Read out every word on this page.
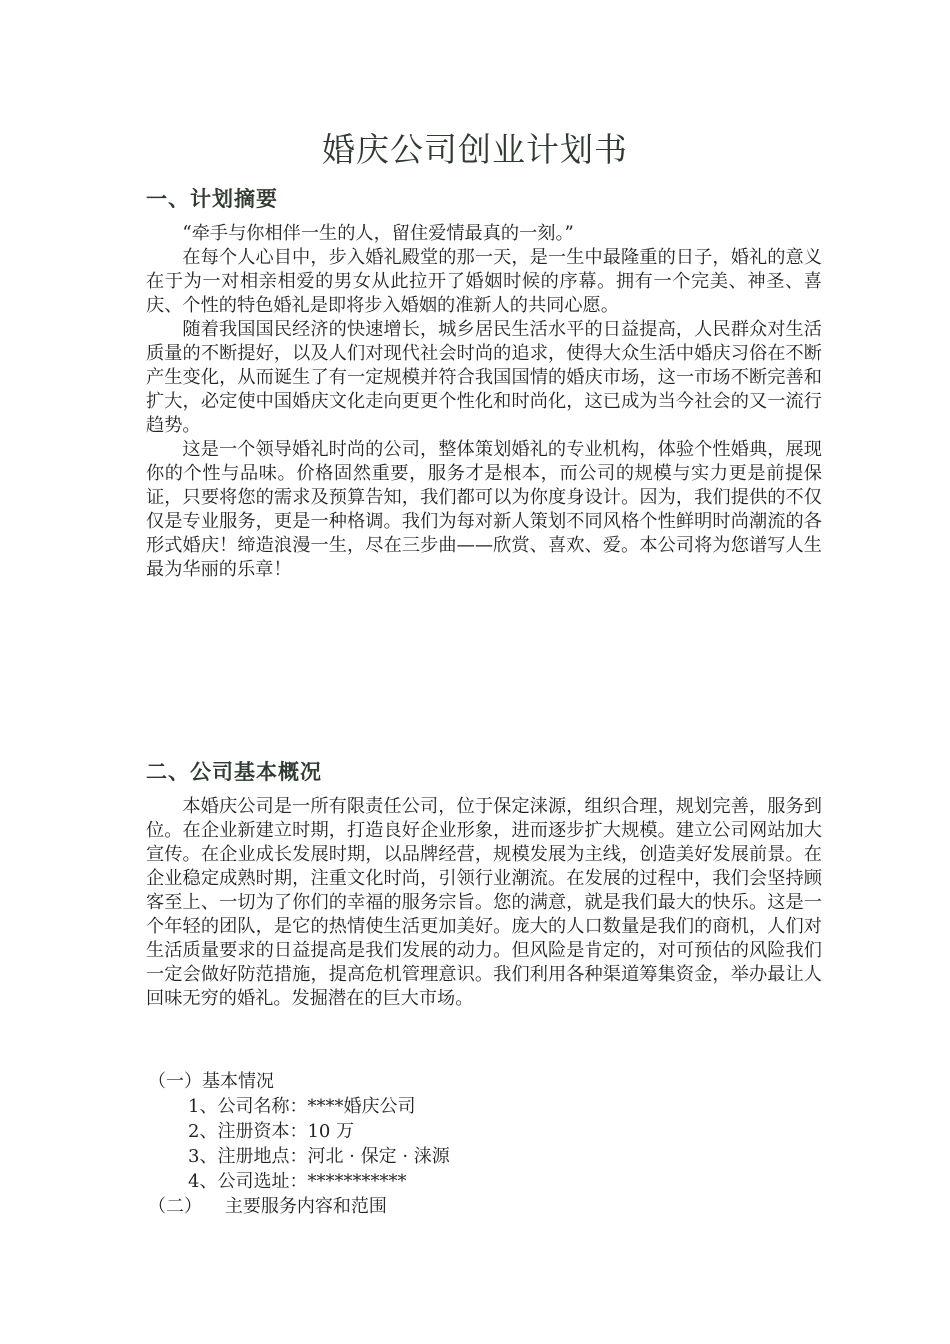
婚庆公司创业计划书
一、计划摘要

“牵手与你相伴一生的人，留住爱情最真的一刻。”

在每个人心目中，步入婚礼殿堂的那一天，是一生中最隆重的日子，婚礼的意义在于为一对相亲相爱的男女从此拉开了婚姻时候的序幕。拥有一个完美、神圣、喜庆、个性的特色婚礼是即将步入婚姻的准新人的共同心愿。

随着我国国民经济的快速增长，城乡居民生活水平的日益提高，人民群众对生活质量的不断提好，以及人们对现代社会时尚的追求，使得大众生活中婚庆习俗在不断产生变化，从而诞生了有一定规模并符合我国国情的婚庆市场，这一市场不断完善和扩大，必定使中国婚庆文化走向更更个性化和时尚化，这已成为当今社会的又一流行趋势。

这是一个领导婚礼时尚的公司，整体策划婚礼的专业机构，体验个性婚典，展现你的个性与品味。价格固然重要，服务才是根本，而公司的规模与实力更是前提保证，只要将您的需求及预算告知，我们都可以为你度身设计。因为，我们提供的不仅仅是专业服务，更是一种格调。我们为每对新人策划不同风格个性鲜明时尚潮流的各形式婚庆！缔造浪漫一生，尽在三步曲——欣赏、喜欢、爱。本公司将为您谱写人生最为华丽的乐章！

二、公司基本概况

本婚庆公司是一所有限责任公司，位于保定涞源，组织合理，规划完善，服务到位。在企业新建立时期，打造良好企业形象，进而逐步扩大规模。建立公司网站加大宣传。在企业成长发展时期，以品牌经营，规模发展为主线，创造美好发展前景。在企业稳定成熟时期，注重文化时尚，引领行业潮流。在发展的过程中，我们会坚持顾客至上、一切为了你们的幸福的服务宗旨。您的满意，就是我们最大的快乐。这是一个年轻的团队，是它的热情使生活更加美好。庞大的人口数量是我们的商机，人们对生活质量要求的日益提高是我们发展的动力。但风险是肯定的，对可预估的风险我们一定会做好防范措施，提高危机管理意识。我们利用各种渠道筹集资金，举办最让人回味无穷的婚礼。发掘潜在的巨大市场。

（一）基本情况
1、公司名称：****婚庆公司
2、注册资本：10 万
3、注册地点：河北 · 保定 · 涞源
4、公司选址：***********
（二）    主要服务内容和范围
